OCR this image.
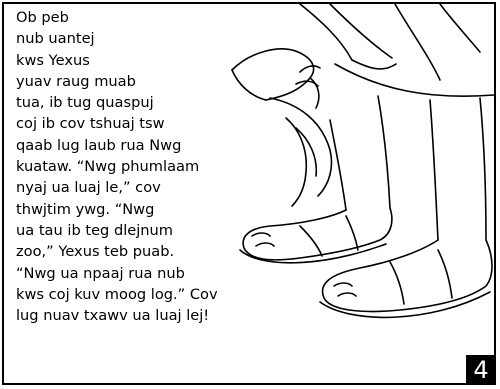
Ob peb
nub uantej
kws Yexus
yuav raug muab
tua, ib tug quaspuj
coj ib cov tshuaj tsw
qaab lug laub rua Nwg
kuataw. “Nwg phumlaam
nyaj ua luaj le,” cov
thwjtim ywg. “Nwg
ua tau ib teg dlejnum
zoo,” Yexus teb puab.
“Nwg ua npaaj rua nub
kws coj kuv moog log.” Cov
lug nuav txawv ua luaj lej!

4
